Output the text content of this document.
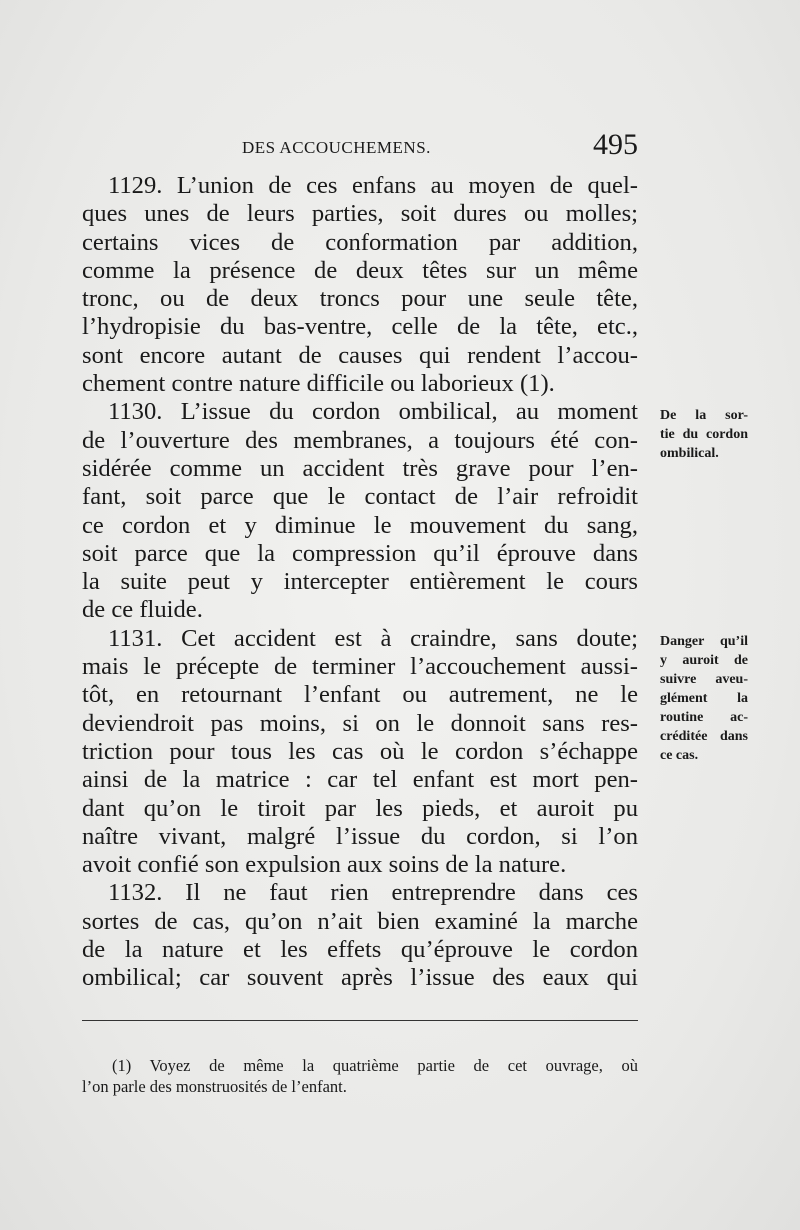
DES ACCOUCHEMENS.	495
1129. L’union de ces enfans au moyen de quel-
ques unes de leurs parties, soit dures ou molles;
certains vices de conformation par addition,
comme la présence de deux têtes sur un même
tronc, ou de deux troncs pour une seule tête,
l’hydropisie du bas-ventre, celle de la tête, etc.,
sont encore autant de causes qui rendent l’accou-
chement contre nature difficile ou laborieux (1).
1130. L’issue du cordon ombilical, au moment
de l’ouverture des membranes, a toujours été con-
sidérée comme un accident très grave pour l’en-
fant, soit parce que le contact de l’air refroidit
ce cordon et y diminue le mouvement du sang,
soit parce que la compression qu’il éprouve dans
la suite peut y intercepter entièrement le cours
de ce fluide.
1131. Cet accident est à craindre, sans doute;
mais le précepte de terminer l’accouchement aussi-
tôt, en retournant l’enfant ou autrement, ne le
deviendroit pas moins, si on le donnoit sans res-
triction pour tous les cas où le cordon s’échappe
ainsi de la matrice : car tel enfant est mort pen-
dant qu’on le tiroit par les pieds, et auroit pu
naître vivant, malgré l’issue du cordon, si l’on
avoit confié son expulsion aux soins de la nature.
1132. Il ne faut rien entreprendre dans ces
sortes de cas, qu’on n’ait bien examiné la marche
de la nature et les effets qu’éprouve le cordon
ombilical; car souvent après l’issue des eaux qui
De la sor-
tie du cordon
ombilical.
Danger qu’il
y auroit de
suivre aveu-
glément la
routine ac-
créditée dans
ce cas.
(1) Voyez de même la quatrième partie de cet ouvrage, où
l’on parle des monstruosités de l’enfant.
